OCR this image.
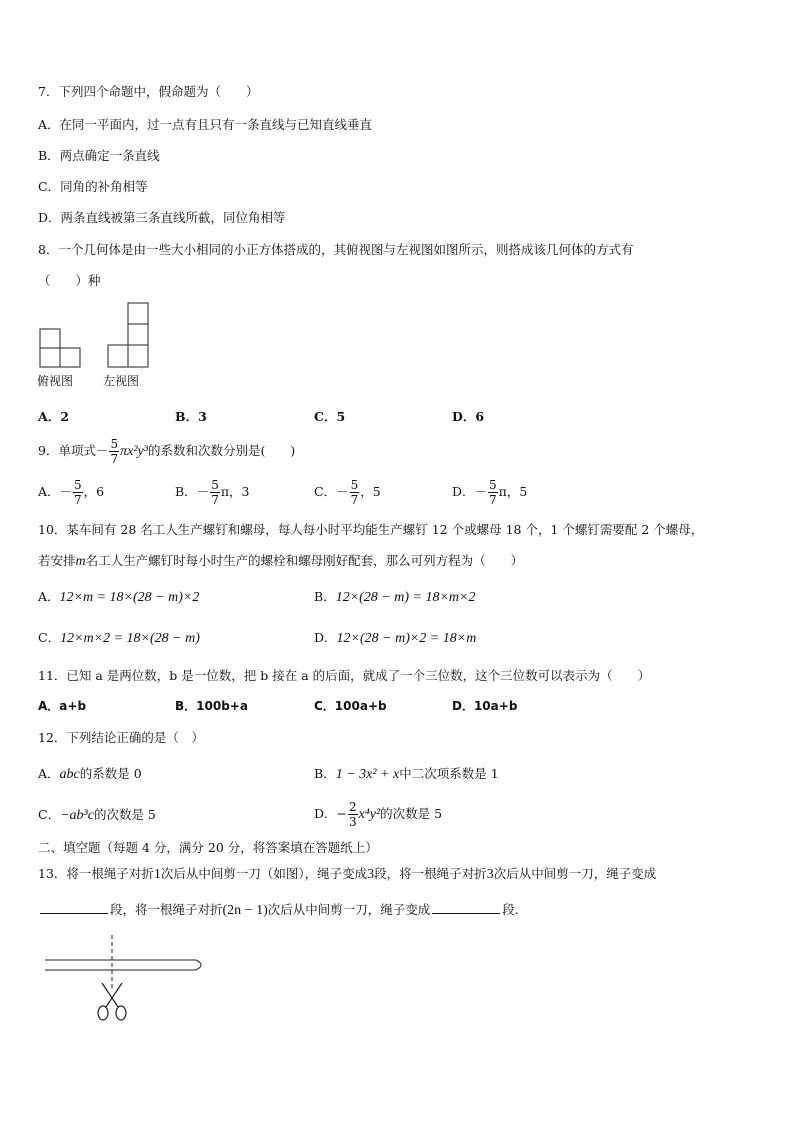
7．下列四个命题中，假命题为（　　）
A．在同一平面内，过一点有且只有一条直线与已知直线垂直
B．两点确定一条直线
C．同角的补角相等
D．两条直线被第三条直线所截，同位角相等
8．一个几何体是由一些大小相同的小正方体搭成的，其俯视图与左视图如图所示，则搭成该几何体的方式有
（　　）种
俯视图 左视图
A．2	B．3	C．5	D．6
9．单项式－ $\frac{5}{7} \pi x^2y^3$的系数和次数分别是(　　)
A．－ $\frac{5}{7}$ ，6	B．－ $\frac{5}{7}$ π，3	C．－ $\frac{5}{7}$ ，5	D．－ $\frac{5}{7}$ π，5
10．某车间有 28 名工人生产螺钉和螺母，每人每小时平均能生产螺钉 12 个或螺母 18 个，1 个螺钉需要配 2 个螺母，
若安排m名工人生产螺钉时每小时生产的螺栓和螺母刚好配套，那么可列方程为（　　）
A．12×m = 18×(28 − m)×2	B．12×(28 − m) = 18×m×2
C．12×m×2 = 18×(28 − m)	D．12×(28 − m)×2 = 18×m
11．已知 a 是两位数，b 是一位数，把 b 接在 a 的后面，就成了一个三位数，这个三位数可以表示为（　　）
A．a+b	B．100b+a	C．100a+b	D．10a+b
12．下列结论正确的是（　）
A．abc的系数是 0	B．1 − 3x² + x中二次项系数是 1
C．−ab³c的次数是 5	D．− $\frac{2}{3} x^4y^2$的次数是 5
二、填空题（每题 4 分，满分 20 分，将答案填在答题纸上）
13．将一根绳子对折1次后从中间剪一刀（如图），绳子变成3段，将一根绳子对折3次后从中间剪一刀，绳子变成
段，将一根绳子对折(2n − 1)次后从中间剪一刀，绳子变成	段.
